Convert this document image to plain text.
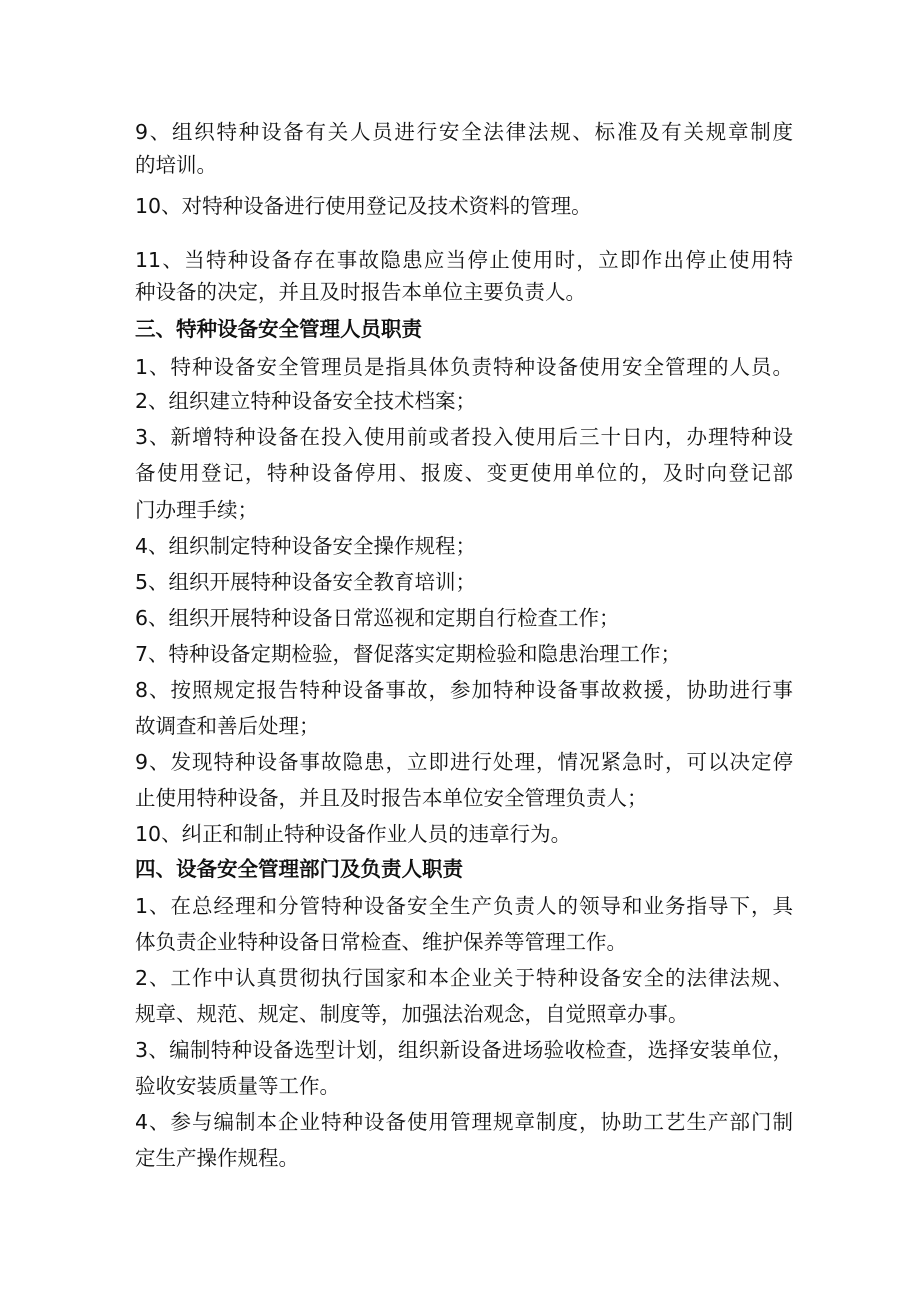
9、组织特种设备有关人员进行安全法律法规、标准及有关规章制度
的培训。
10、对特种设备进行使用登记及技术资料的管理。
11、当特种设备存在事故隐患应当停止使用时，立即作出停止使用特
种设备的决定，并且及时报告本单位主要负责人。
三、特种设备安全管理人员职责
1、特种设备安全管理员是指具体负责特种设备使用安全管理的人员。
2、组织建立特种设备安全技术档案；
3、新增特种设备在投入使用前或者投入使用后三十日内，办理特种设
备使用登记，特种设备停用、报废、变更使用单位的，及时向登记部
门办理手续；
4、组织制定特种设备安全操作规程；
5、组织开展特种设备安全教育培训；
6、组织开展特种设备日常巡视和定期自行检查工作；
7、特种设备定期检验，督促落实定期检验和隐患治理工作；
8、按照规定报告特种设备事故，参加特种设备事故救援，协助进行事
故调查和善后处理；
9、发现特种设备事故隐患，立即进行处理，情况紧急时，可以决定停
止使用特种设备，并且及时报告本单位安全管理负责人；
10、纠正和制止特种设备作业人员的违章行为。
四、设备安全管理部门及负责人职责
1、在总经理和分管特种设备安全生产负责人的领导和业务指导下，具
体负责企业特种设备日常检查、维护保养等管理工作。
2、工作中认真贯彻执行国家和本企业关于特种设备安全的法律法规、
规章、规范、规定、制度等，加强法治观念，自觉照章办事。
3、编制特种设备选型计划，组织新设备进场验收检查，选择安装单位，
验收安装质量等工作。
4、参与编制本企业特种设备使用管理规章制度，协助工艺生产部门制
定生产操作规程。
